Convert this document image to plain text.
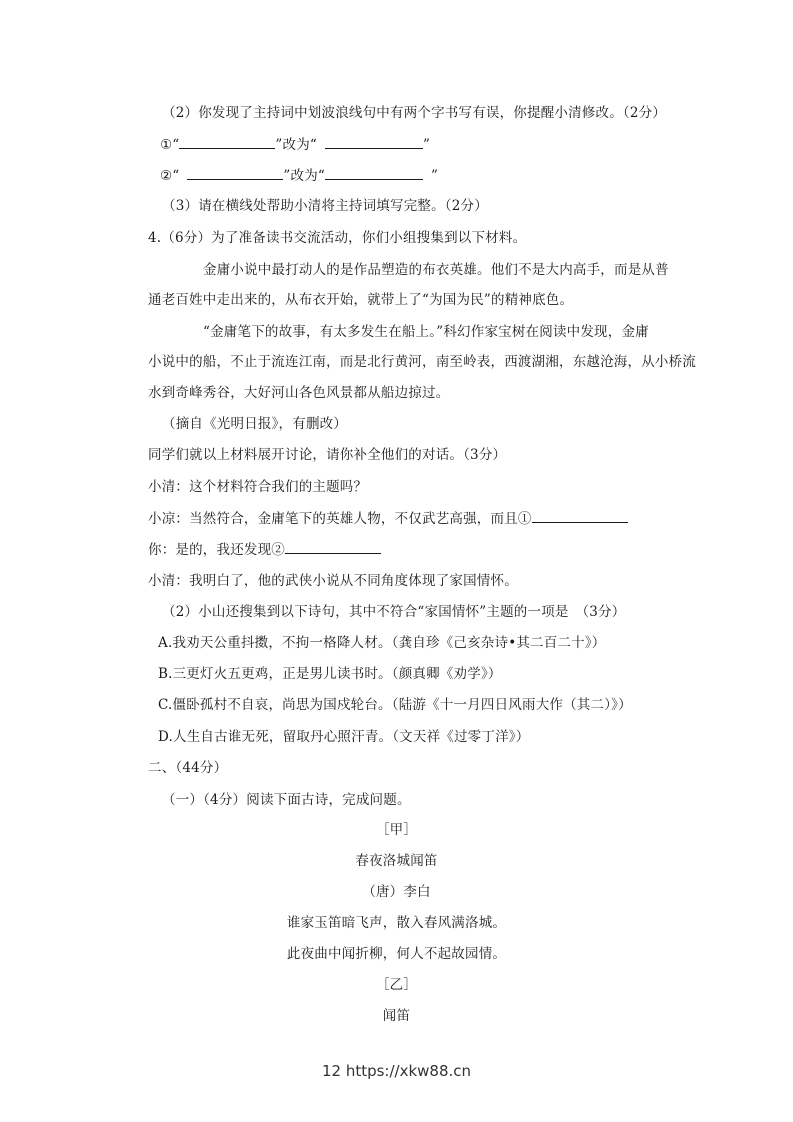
（2）你发现了主持词中划波浪线句中有两个字书写有误，你提醒小清修改。（2分）
①“	”改为“	”
②“	”改为“	”
（3）请在横线处帮助小清将主持词填写完整。（2分）
4.（6分）为了准备读书交流活动，你们小组搜集到以下材料。
金庸小说中最打动人的是作品塑造的布衣英雄。他们不是大内高手，而是从普
通老百姓中走出来的，从布衣开始，就带上了“为国为民”的精神底色。
“金庸笔下的故事，有太多发生在船上。”科幻作家宝树在阅读中发现，金庸
小说中的船，不止于流连江南，而是北行黄河，南至岭表，西渡湖湘，东越沧海，从小桥流
水到奇峰秀谷，大好河山各色风景都从船边掠过。
（摘自《光明日报》，有删改）
同学们就以上材料展开讨论，请你补全他们的对话。（3分）
小清：这个材料符合我们的主题吗？
小凉：当然符合，金庸笔下的英雄人物，不仅武艺高强，而且①
你：是的，我还发现②
小清：我明白了，他的武侠小说从不同角度体现了家国情怀。
（2）小山还搜集到以下诗句，其中不符合“家国情怀”主题的一项是　（3分）
A.我劝天公重抖擞，不拘一格降人材。（龚自珍《己亥杂诗•其二百二十》）
B.三更灯火五更鸡，正是男儿读书时。（颜真卿《劝学》）
C.僵卧孤村不自哀，尚思为国戍轮台。（陆游《十一月四日风雨大作（其二）》）
D.人生自古谁无死，留取丹心照汗青。（文天祥《过零丁洋》）
二、（44分）
（一）（4分）阅读下面古诗，完成问题。
［甲］
春夜洛城闻笛
（唐）李白
谁家玉笛暗飞声，散入春风满洛城。
此夜曲中闻折柳，何人不起故园情。
［乙］
闻笛
12 https://xkw88.cn
